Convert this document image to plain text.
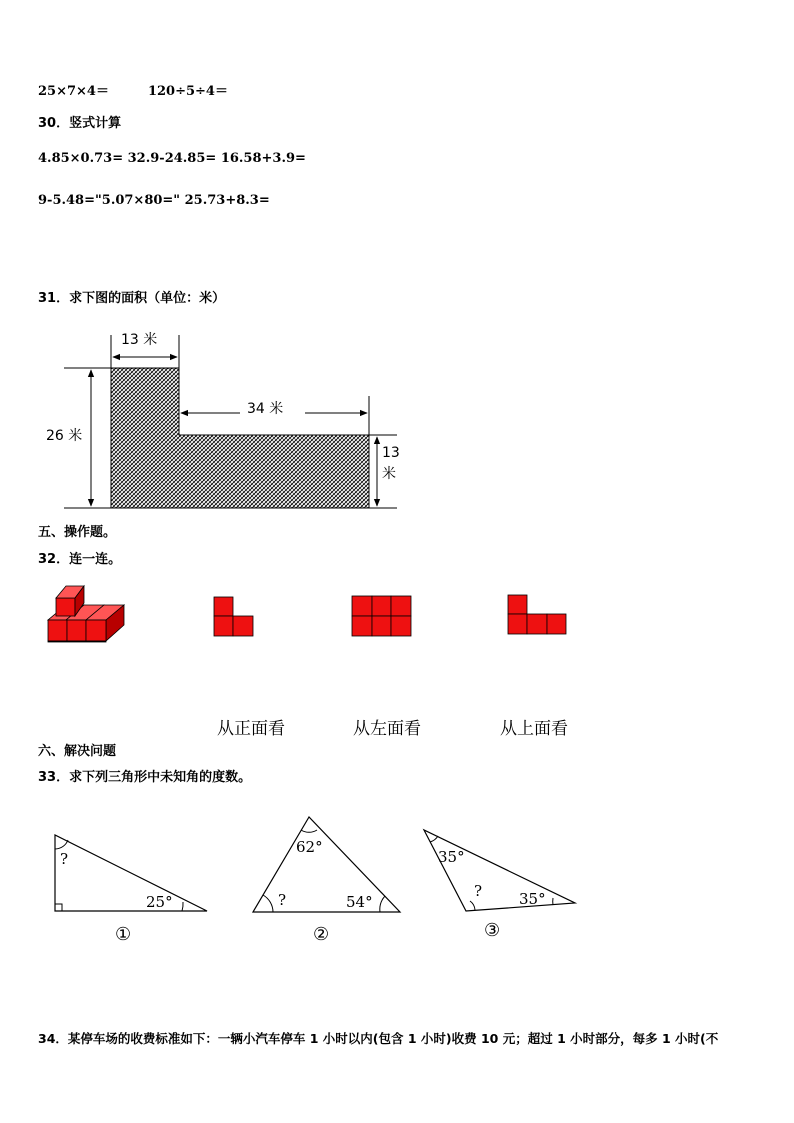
25×7×4＝　　　120÷5÷4＝
30．竖式计算
4.85×0.73= 32.9-24.85= 16.58+3.9=
9-5.48="5.07×80=" 25.73+8.3=
31．求下图的面积（单位：米）
13 米
34 米
26 米
13
米
五、操作题。
32．连一连。
从正面看	从左面看	从上面看
六、解决问题
33．求下列三角形中未知角的度数。
?
25°
①
62°
?	54°
②
35°
? 35°
③
34．某停车场的收费标准如下：一辆小汽车停车 1 小时以内(包含 1 小时)收费 10 元；超过 1 小时部分，每多 1 小时(不
